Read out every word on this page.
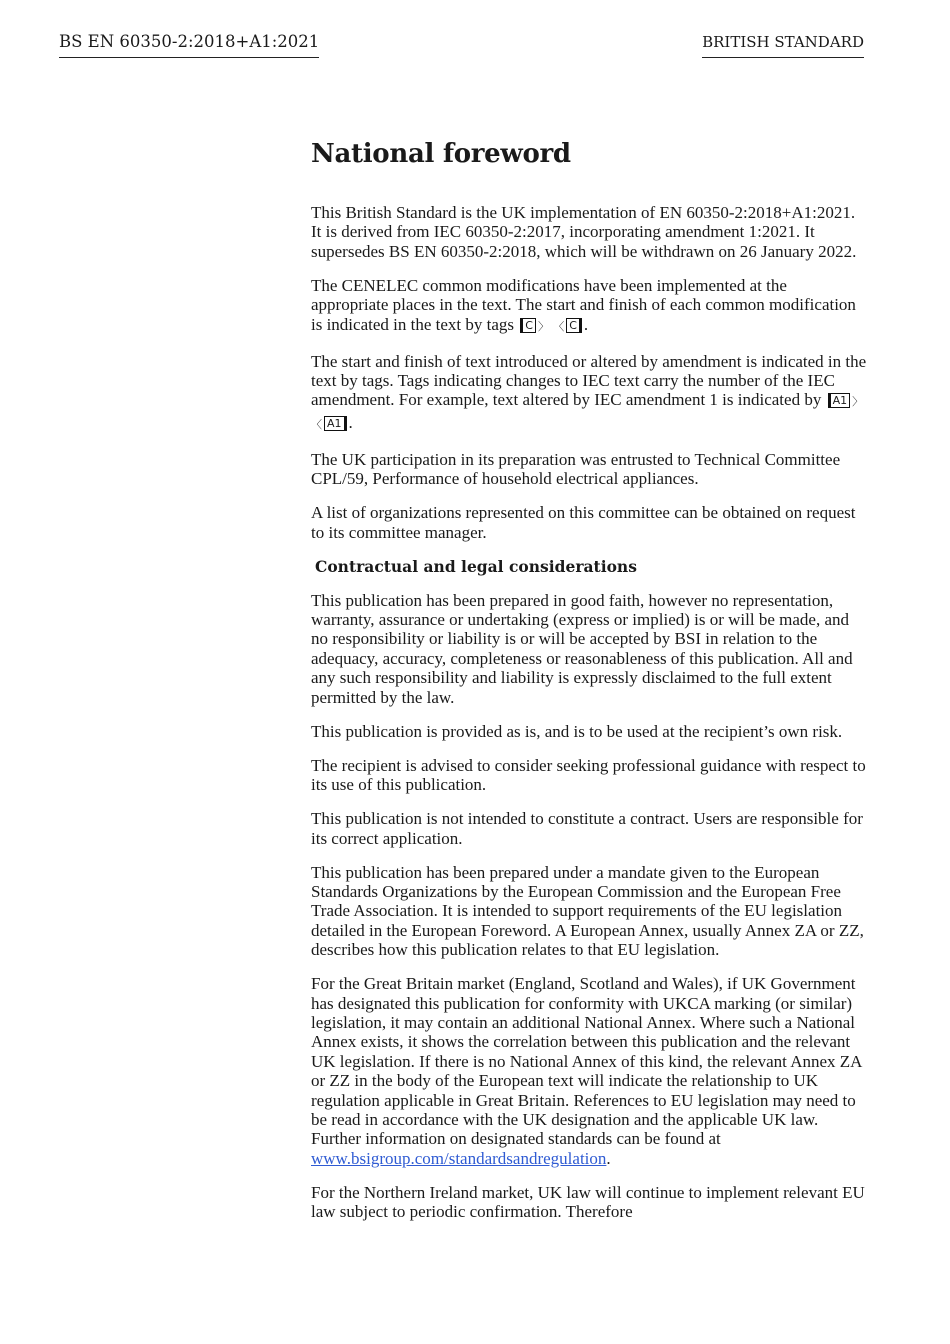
BS EN 60350-2:2018+A1:2021	BRITISH STANDARD
National foreword

This British Standard is the UK implementation of EN 60350-2:2018+A1:2021. It is derived from IEC 60350-2:2017, incorporating amendment 1:2021. It supersedes BS EN 60350-2:2018, which will be withdrawn on 26 January 2022.

The CENELEC common modifications have been implemented at the appropriate places in the text. The start and finish of each common modification is indicated in the text by tags C 〉 〈 C .

The start and finish of text introduced or altered by amendment is indicated in the text by tags. Tags indicating changes to IEC text carry the number of the IEC amendment. For example, text altered by IEC amendment 1 is indicated by A1 〉 〈 A1 .

The UK participation in its preparation was entrusted to Technical Committee CPL/59, Performance of household electrical appliances.

A list of organizations represented on this committee can be obtained on request to its committee manager.

Contractual and legal considerations

This publication has been prepared in good faith, however no representation, warranty, assurance or undertaking (express or implied) is or will be made, and no responsibility or liability is or will be accepted by BSI in relation to the adequacy, accuracy, completeness or reasonableness of this publication. All and any such responsibility and liability is expressly disclaimed to the full extent permitted by the law.

This publication is provided as is, and is to be used at the recipient’s own risk.

The recipient is advised to consider seeking professional guidance with respect to its use of this publication.

This publication is not intended to constitute a contract. Users are responsible for its correct application.

This publication has been prepared under a mandate given to the European Standards Organizations by the European Commission and the European Free Trade Association. It is intended to support requirements of the EU legislation detailed in the European Foreword. A European Annex, usually Annex ZA or ZZ, describes how this publication relates to that EU legislation.

For the Great Britain market (England, Scotland and Wales), if UK Government has designated this publication for conformity with UKCA marking (or similar) legislation, it may contain an additional National Annex. Where such a National Annex exists, it shows the correlation between this publication and the relevant UK legislation. If there is no National Annex of this kind, the relevant Annex ZA or ZZ in the body of the European text will indicate the relationship to UK regulation applicable in Great Britain. References to EU legislation may need to be read in accordance with the UK designation and the applicable UK law. Further information on designated standards can be found at www.bsigroup.com/standardsandregulation.

For the Northern Ireland market, UK law will continue to implement relevant EU law subject to periodic confirmation. Therefore
